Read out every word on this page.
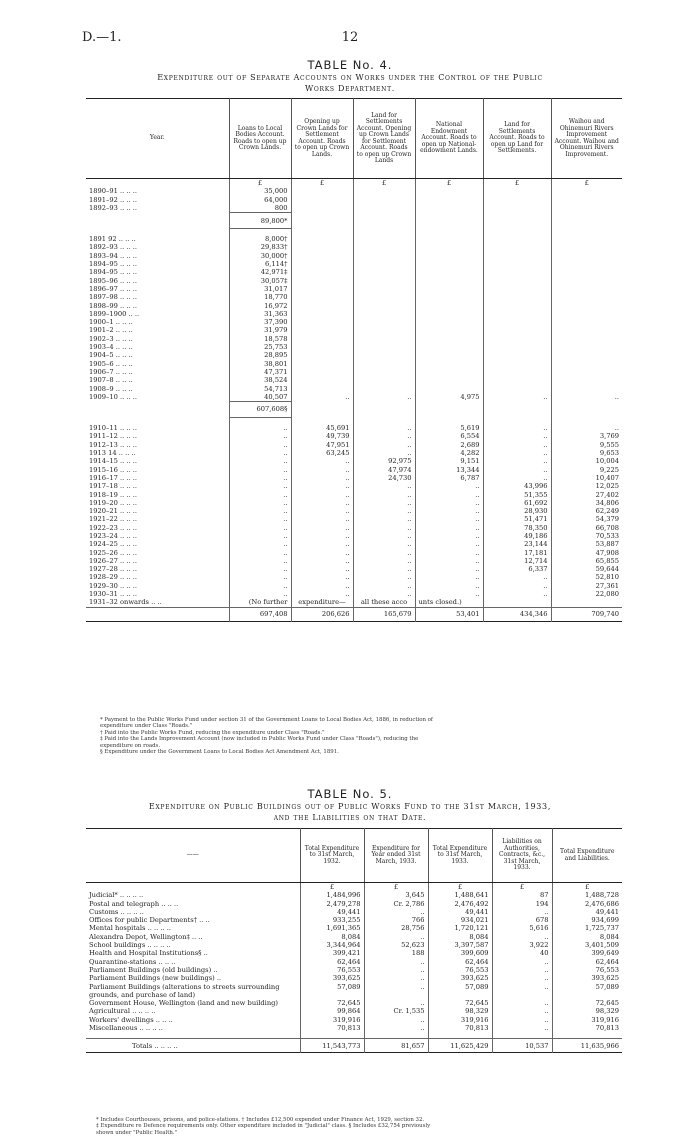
D.—1.	12
TABLE No. 4.
Expenditure out of Separate Accounts on Works under the Control of the Public
Works Department.
Year.	Loans to Local Bodies Account. Roads to open up Crown Lands.	Opening up Crown Lands for Settlement Account. Roads to open up Crown Lands.	Land for Settlements Account. Opening up Crown Lands for Settlement Account. Roads to open up Crown Lands	National Endowment Account. Roads to open up National-endowment Lands.	Land for Settlements Account. Roads to open up Land for Settlements.	Waihou and Ohinemuri Rivers Improvement Account. Waihou and Ohinemuri Rivers Improvement.
	£	£	£	£	£	£
1890–91 .. .. ..	35,000					
1891–92 .. .. ..	64,000					
1892–93 .. .. ..	800					
	89,800*					

1891 92 .. .. ..	8,000†					
1892–93 .. .. ..	29,833†					
1893–94 .. .. ..	30,000†					
1894–95 .. .. ..	6,114†					
1894–95 .. .. ..	42,971‡					
1895–96 .. .. ..	30,057‡					
1896–97 .. .. ..	31,017					
1897–98 .. .. ..	18,770					
1898–99 .. .. ..	16,972					
1899–1900 .. ..	31,363					
1900–1 .. .. ..	37,390					
1901–2 .. .. ..	31,979					
1902–3 .. .. ..	18,578					
1903–4 .. .. ..	25,753					
1904–5 .. .. ..	28,895					
1905–6 .. .. ..	38,801					
1906–7 .. .. ..	47,371					
1907–8 .. .. ..	38,524					
1908–9 .. .. ..	54,713					
1909–10 .. .. ..	40,507	..	..	4,975	..	..
	607,608§					

1910–11 .. .. ..	..	45,691	..	5,619	..	..
1911–12 .. .. ..	..	49,739	..	6,554	..	3,769
1912–13 .. .. ..	..	47,951	..	2,689	..	9,555
1913 14 .. .. ..	..	63,245	..	4,282	..	9,653
1914–15 .. .. ..	..	..	92,975	9,151	..	10,004
1915–16 .. .. ..	..	..	47,974	13,344	..	9,225
1916–17 .. .. ..	..	..	24,730	6,787	..	10,407
1917–18 .. .. ..	..	..	..	..	43,996	12,025
1918–19 .. .. ..	..	..	..	..	51,355	27,402
1919–20 .. .. ..	..	..	..	..	61,692	34,806
1920–21 .. .. ..	..	..	..	..	28,930	62,249
1921–22 .. .. ..	..	..	..	..	51,471	54,379
1922–23 .. .. ..	..	..	..	..	78,350	66,708
1923–24 .. .. ..	..	..	..	..	49,186	70,533
1924–25 .. .. ..	..	..	..	..	23,144	53,887
1925–26 .. .. ..	..	..	..	..	17,181	47,908
1926–27 .. .. ..	..	..	..	..	12,714	65,855
1927–28 .. .. ..	..	..	..	..	6,337	59,644
1928–29 .. .. ..	..	..	..	..	..	52,810
1929–30 .. .. ..	..	..	..	..	..	27,361
1930–31 .. .. ..	..	..	..	..	..	22,080
1931–32 onwards .. ..	(No further	expenditure—	all these acco	unts closed.)		
	697,408	206,626	165,679	53,401	434,346	709,740
* Payment to the Public Works Fund under section 31 of the Government Loans to Local Bodies Act, 1886, in reduction of
expenditure under Class "Roads."
† Paid into the Public Works Fund, reducing the expenditure under Class "Roads."
‡ Paid into the Lands Improvement Account (now included in Public Works Fund under Class "Roads"), reducing the
expenditure on roads.
§ Expenditure under the Government Loans to Local Bodies Act Amendment Act, 1891.
TABLE No. 5.
Expenditure on Public Buildings out of Public Works Fund to the 31st March, 1933,
and the Liabilities on that Date.
——	Total Expenditure to 31st March, 1932.	Expenditure for Year ended 31st March, 1933.	Total Expenditure to 31st March, 1933.	Liabilities on Authorities, Contracts, &c., 31st March, 1933.	Total Expenditure and Liabilities.
	£	£	£	£	£
Judicial* .. .. .. ..	1,484,996	3,645	1,488,641	87	1,488,728
Postal and telegraph .. .. ..	2,479,278	Cr. 2,786	2,476,492	194	2,476,686
Customs .. .. .. ..	49,441	..	49,441	..	49,441
Offices for public Departments† .. ..	933,255	766	934,021	678	934,699
Mental hospitals .. .. .. ..	1,691,365	28,756	1,720,121	5,616	1,725,737
Alexandra Depot, Wellington‡ .. ..	8,084	..	8,084	..	8,084
School buildings .. .. .. ..	3,344,964	52,623	3,397,587	3,922	3,401,509
Health and Hospital Institutions§ ..	399,421	188	399,609	40	399,649
Quarantine-stations .. .. ..	62,464	..	62,464	..	62,464
Parliament Buildings (old buildings) ..	76,553	..	76,553	..	76,553
Parliament Buildings (new buildings) ..	393,625	..	393,625	..	393,625
Parliament Buildings (alterations to streets surrounding grounds, and purchase of land)	57,089	..	57,089	..	57,089
Government House, Wellington (land and new building)	72,645	..	72,645	..	72,645
Agricultural .. .. .. ..	99,864	Cr. 1,535	98,329	..	98,329
Workers' dwellings .. .. ..	319,916	..	319,916	..	319,916
Miscellaneous .. .. .. ..	70,813	..	70,813	..	70,813

Totals .. .. .. ..	11,543,773	81,657	11,625,429	10,537	11,635,966
* Includes Courthouses, prisons, and police-stations. † Includes £12,500 expended under Finance Act, 1929, section 32.
‡ Expenditure re Defence requirements only. Other expenditure included in "Judicial" class. § Includes £32,754 previously
shown under "Public Health."
